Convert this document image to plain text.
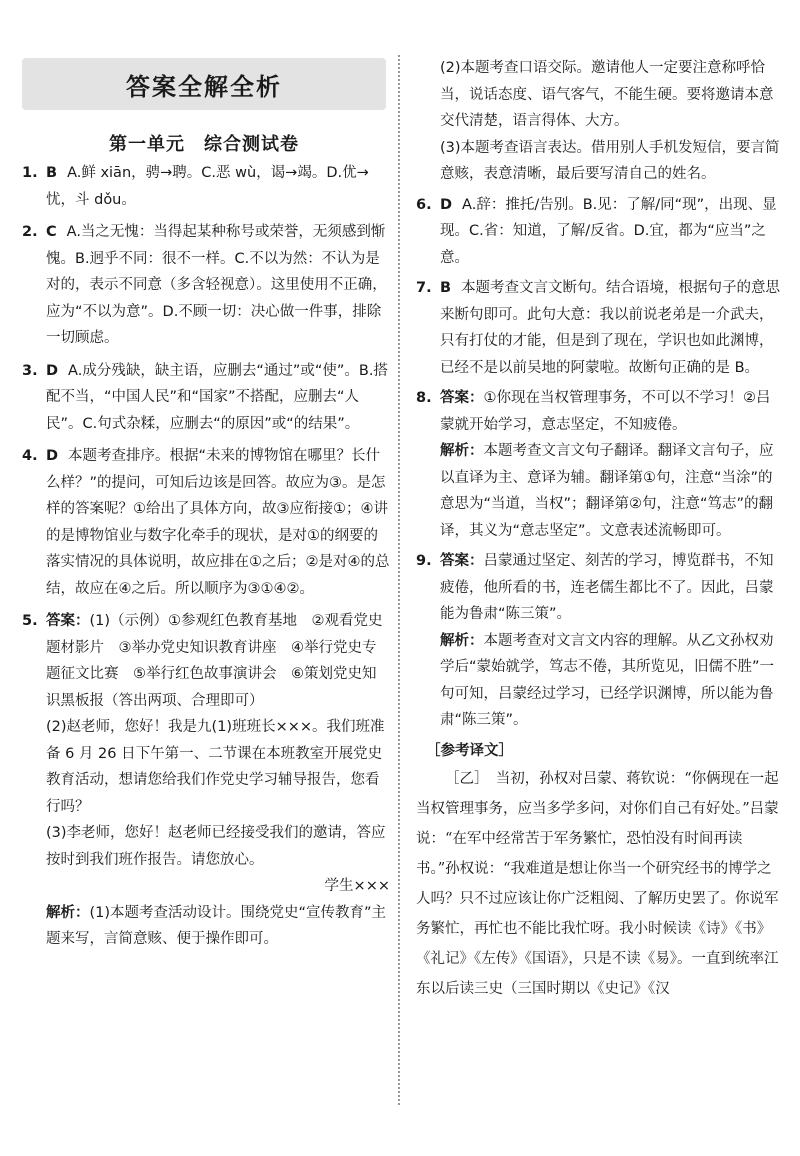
答案全解全析
第一单元　综合测试卷
1. B A.鲜 xiān，骋→聘。C.恶 wù，谒→竭。D.优→忧，斗 dǒu。
2. C A.当之无愧：当得起某种称号或荣誉，无须感到惭愧。B.迥乎不同：很不一样。C.不以为然：不认为是对的，表示不同意（多含轻视意）。这里使用不正确，应为“不以为意”。D.不顾一切：决心做一件事，排除一切顾虑。
3. D A.成分残缺，缺主语，应删去“通过”或“使”。B.搭配不当，“中国人民”和“国家”不搭配，应删去“人民”。C.句式杂糅，应删去“的原因”或“的结果”。
4. D 本题考查排序。根据“未来的博物馆在哪里？长什么样？”的提问，可知后边该是回答。故应为③。是怎样的答案呢？①给出了具体方向，故③应衔接①；④讲的是博物馆业与数字化牵手的现状，是对①的纲要的落实情况的具体说明，故应排在①之后；②是对④的总结，故应在④之后。所以顺序为③①④②。
5. 答案：(1)（示例）①参观红色教育基地　②观看党史题材影片　③举办党史知识教育讲座　④举行党史专题征文比赛　⑤举行红色故事演讲会　⑥策划党史知识黑板报（答出两项、合理即可）

(2)赵老师，您好！我是九(1)班班长×××。我们班准备 6 月 26 日下午第一、二节课在本班教室开展党史教育活动，想请您给我们作党史学习辅导报告，您看行吗？

(3)李老师，您好！赵老师已经接受我们的邀请，答应按时到我们班作报告。请您放心。

学生×××

解析：(1)本题考查活动设计。围绕党史“宣传教育”主题来写，言简意赅、便于操作即可。

(2)本题考查口语交际。邀请他人一定要注意称呼恰当，说话态度、语气客气，不能生硬。要将邀请本意交代清楚，语言得体、大方。

(3)本题考查语言表达。借用别人手机发短信，要言简意赅，表意清晰，最后要写清自己的姓名。

6. D A.辞：推托/告别。B.见：了解/同“现”，出现、显现。C.省：知道，了解/反省。D.宜，都为“应当”之意。
7. B 本题考查文言文断句。结合语境，根据句子的意思来断句即可。此句大意：我以前说老弟是一介武夫，只有打仗的才能，但是到了现在，学识也如此渊博，已经不是以前吴地的阿蒙啦。故断句正确的是 B。
8. 答案：①你现在当权管理事务，不可以不学习！②吕蒙就开始学习，意志坚定，不知疲倦。

解析：本题考查文言文句子翻译。翻译文言句子，应以直译为主、意译为辅。翻译第①句，注意“当涂”的意思为“当道，当权”；翻译第②句，注意“笃志”的翻译，其义为“意志坚定”。文意表述流畅即可。

9. 答案：吕蒙通过坚定、刻苦的学习，博览群书，不知疲倦，他所看的书，连老儒生都比不了。因此，吕蒙能为鲁肃“陈三策”。

解析：本题考查对文言文内容的理解。从乙文孙权劝学后“蒙始就学，笃志不倦，其所览见，旧儒不胜”一句可知，吕蒙经过学习，已经学识渊博，所以能为鲁肃“陈三策”。

［参考译文］

［乙］　当初，孙权对吕蒙、蒋钦说：“你俩现在一起当权管理事务，应当多学多问，对你们自己有好处。”吕蒙说：“在军中经常苦于军务繁忙，恐怕没有时间再读书。”孙权说：“我难道是想让你当一个研究经书的博学之人吗？只不过应该让你广泛粗阅、了解历史罢了。你说军务繁忙，再忙也不能比我忙呀。我小时候读《诗》《书》《礼记》《左传》《国语》，只是不读《易》。一直到统率江东以后读三史（三国时期以《史记》《汉
